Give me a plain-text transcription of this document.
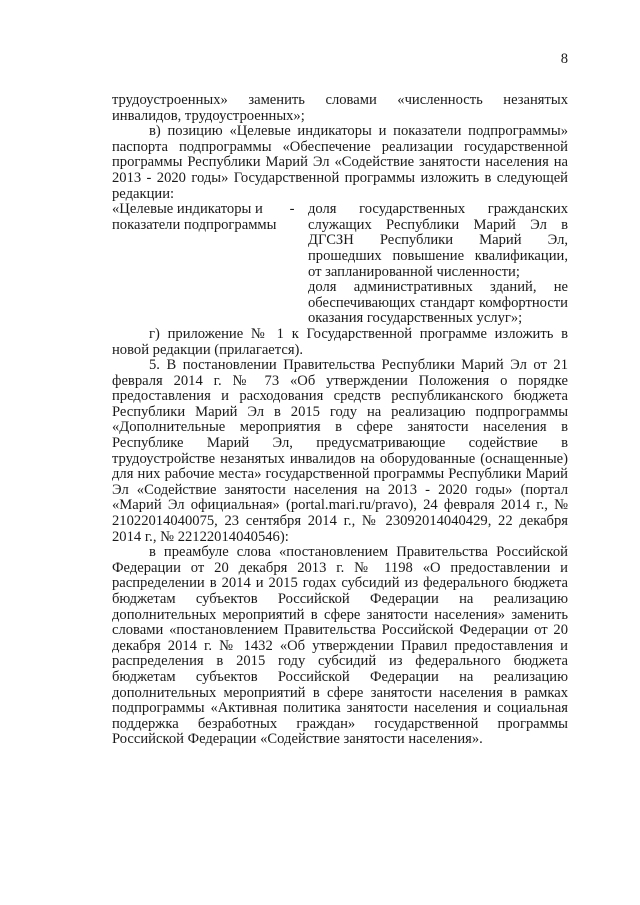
8

трудоустроенных» заменить словами «численность незанятых инвалидов, трудоустроенных»;

в) позицию «Целевые индикаторы и показатели подпрограммы» паспорта подпрограммы «Обеспечение реализации государственной программы Республики Марий Эл «Содействие занятости населения на 2013 - 2020 годы» Государственной программы изложить в следующей редакции:

«Целевые индикаторы и показатели подпрограммы
- доля государственных гражданских служащих Республики Марий Эл в ДГСЗН Республики Марий Эл, прошедших повышение квалификации, от запланированной численности;

доля административных зданий, не обеспечивающих стандарт комфортности оказания государственных услуг»;

г) приложение № 1 к Государственной программе изложить в новой редакции (прилагается).

5. В постановлении Правительства Республики Марий Эл от 21 февраля 2014 г. № 73 «Об утверждении Положения о порядке предоставления и расходования средств республиканского бюджета Республики Марий Эл в 2015 году на реализацию подпрограммы «Дополнительные мероприятия в сфере занятости населения в Республике Марий Эл, предусматривающие содействие в трудоустройстве незанятых инвалидов на оборудованные (оснащенные) для них рабочие места» государственной программы Республики Марий Эл «Содействие занятости населения на 2013 - 2020 годы» (портал «Марий Эл официальная» (portal.mari.ru/pravo), 24 февраля 2014 г., № 21022014040075, 23 сентября 2014 г., № 23092014040429, 22 декабря 2014 г., № 22122014040546):

в преамбуле слова «постановлением Правительства Российской Федерации от 20 декабря 2013 г. № 1198 «О предоставлении и распределении в 2014 и 2015 годах субсидий из федерального бюджета бюджетам субъектов Российской Федерации на реализацию дополнительных мероприятий в сфере занятости населения» заменить словами «постановлением Правительства Российской Федерации от 20 декабря 2014 г. № 1432 «Об утверждении Правил предоставления и распределения в 2015 году субсидий из федерального бюджета бюджетам субъектов Российской Федерации на реализацию дополнительных мероприятий в сфере занятости населения в рамках подпрограммы «Активная политика занятости населения и социальная поддержка безработных граждан» государственной программы Российской Федерации «Содействие занятости населения».
